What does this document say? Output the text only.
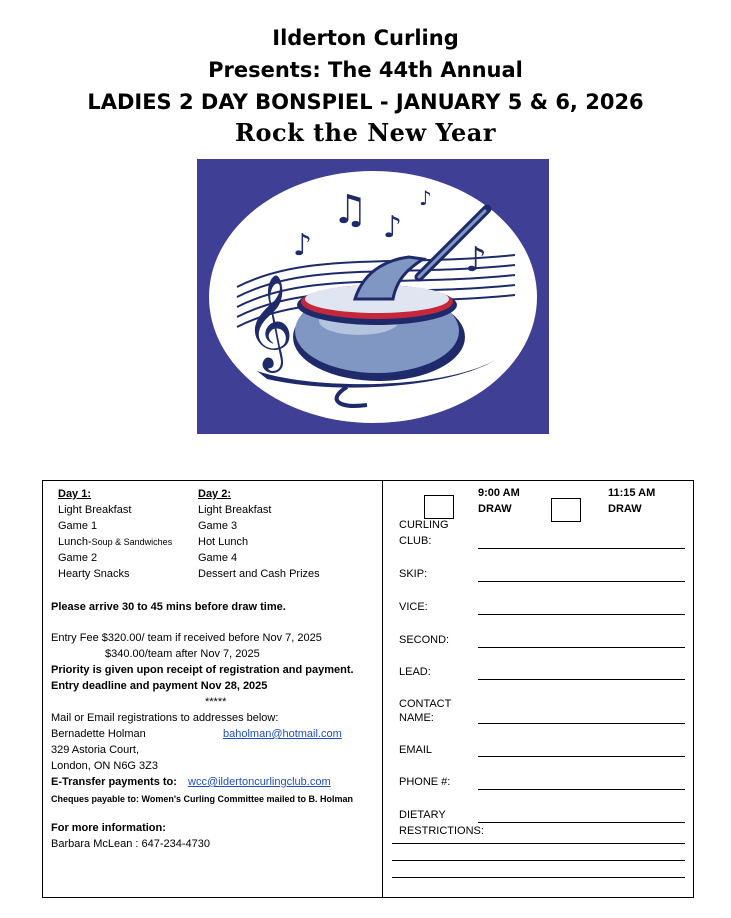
Ilderton Curling
Presents: The 44th Annual
LADIES 2 DAY BONSPIEL - JANUARY 5 & 6, 2026
Rock the New Year
𝄞
♪
♫ ♪
♪
♪
Day 1:
Light Breakfast
Game 1
Lunch-Soup & Sandwiches
Game 2
Hearty Snacks
Day 2:
Light Breakfast
Game 3
Hot Lunch
Game 4
Dessert and Cash Prizes
Please arrive 30 to 45 mins before draw time.
Entry Fee $320.00/ team if received before Nov 7, 2025
$340.00/team after Nov 7, 2025
Priority is given upon receipt of registration and payment.
Entry deadline and payment Nov 28, 2025
*****
Mail or Email registrations to addresses below:
Bernadette Holman	baholman@hotmail.com
329 Astoria Court,
London, ON N6G 3Z3
E-Transfer payments to: wcc@ildertoncurlingclub.com
Cheques payable to: Women's Curling Committee mailed to B. Holman
For more information:
Barbara McLean : 647-234-4730
9:00 AM
DRAW
11:15 AM
DRAW
CURLING
CLUB:
SKIP:
VICE:
SECOND:
LEAD:
CONTACT
NAME:
EMAIL
PHONE #:
DIETARY
RESTRICTIONS:
